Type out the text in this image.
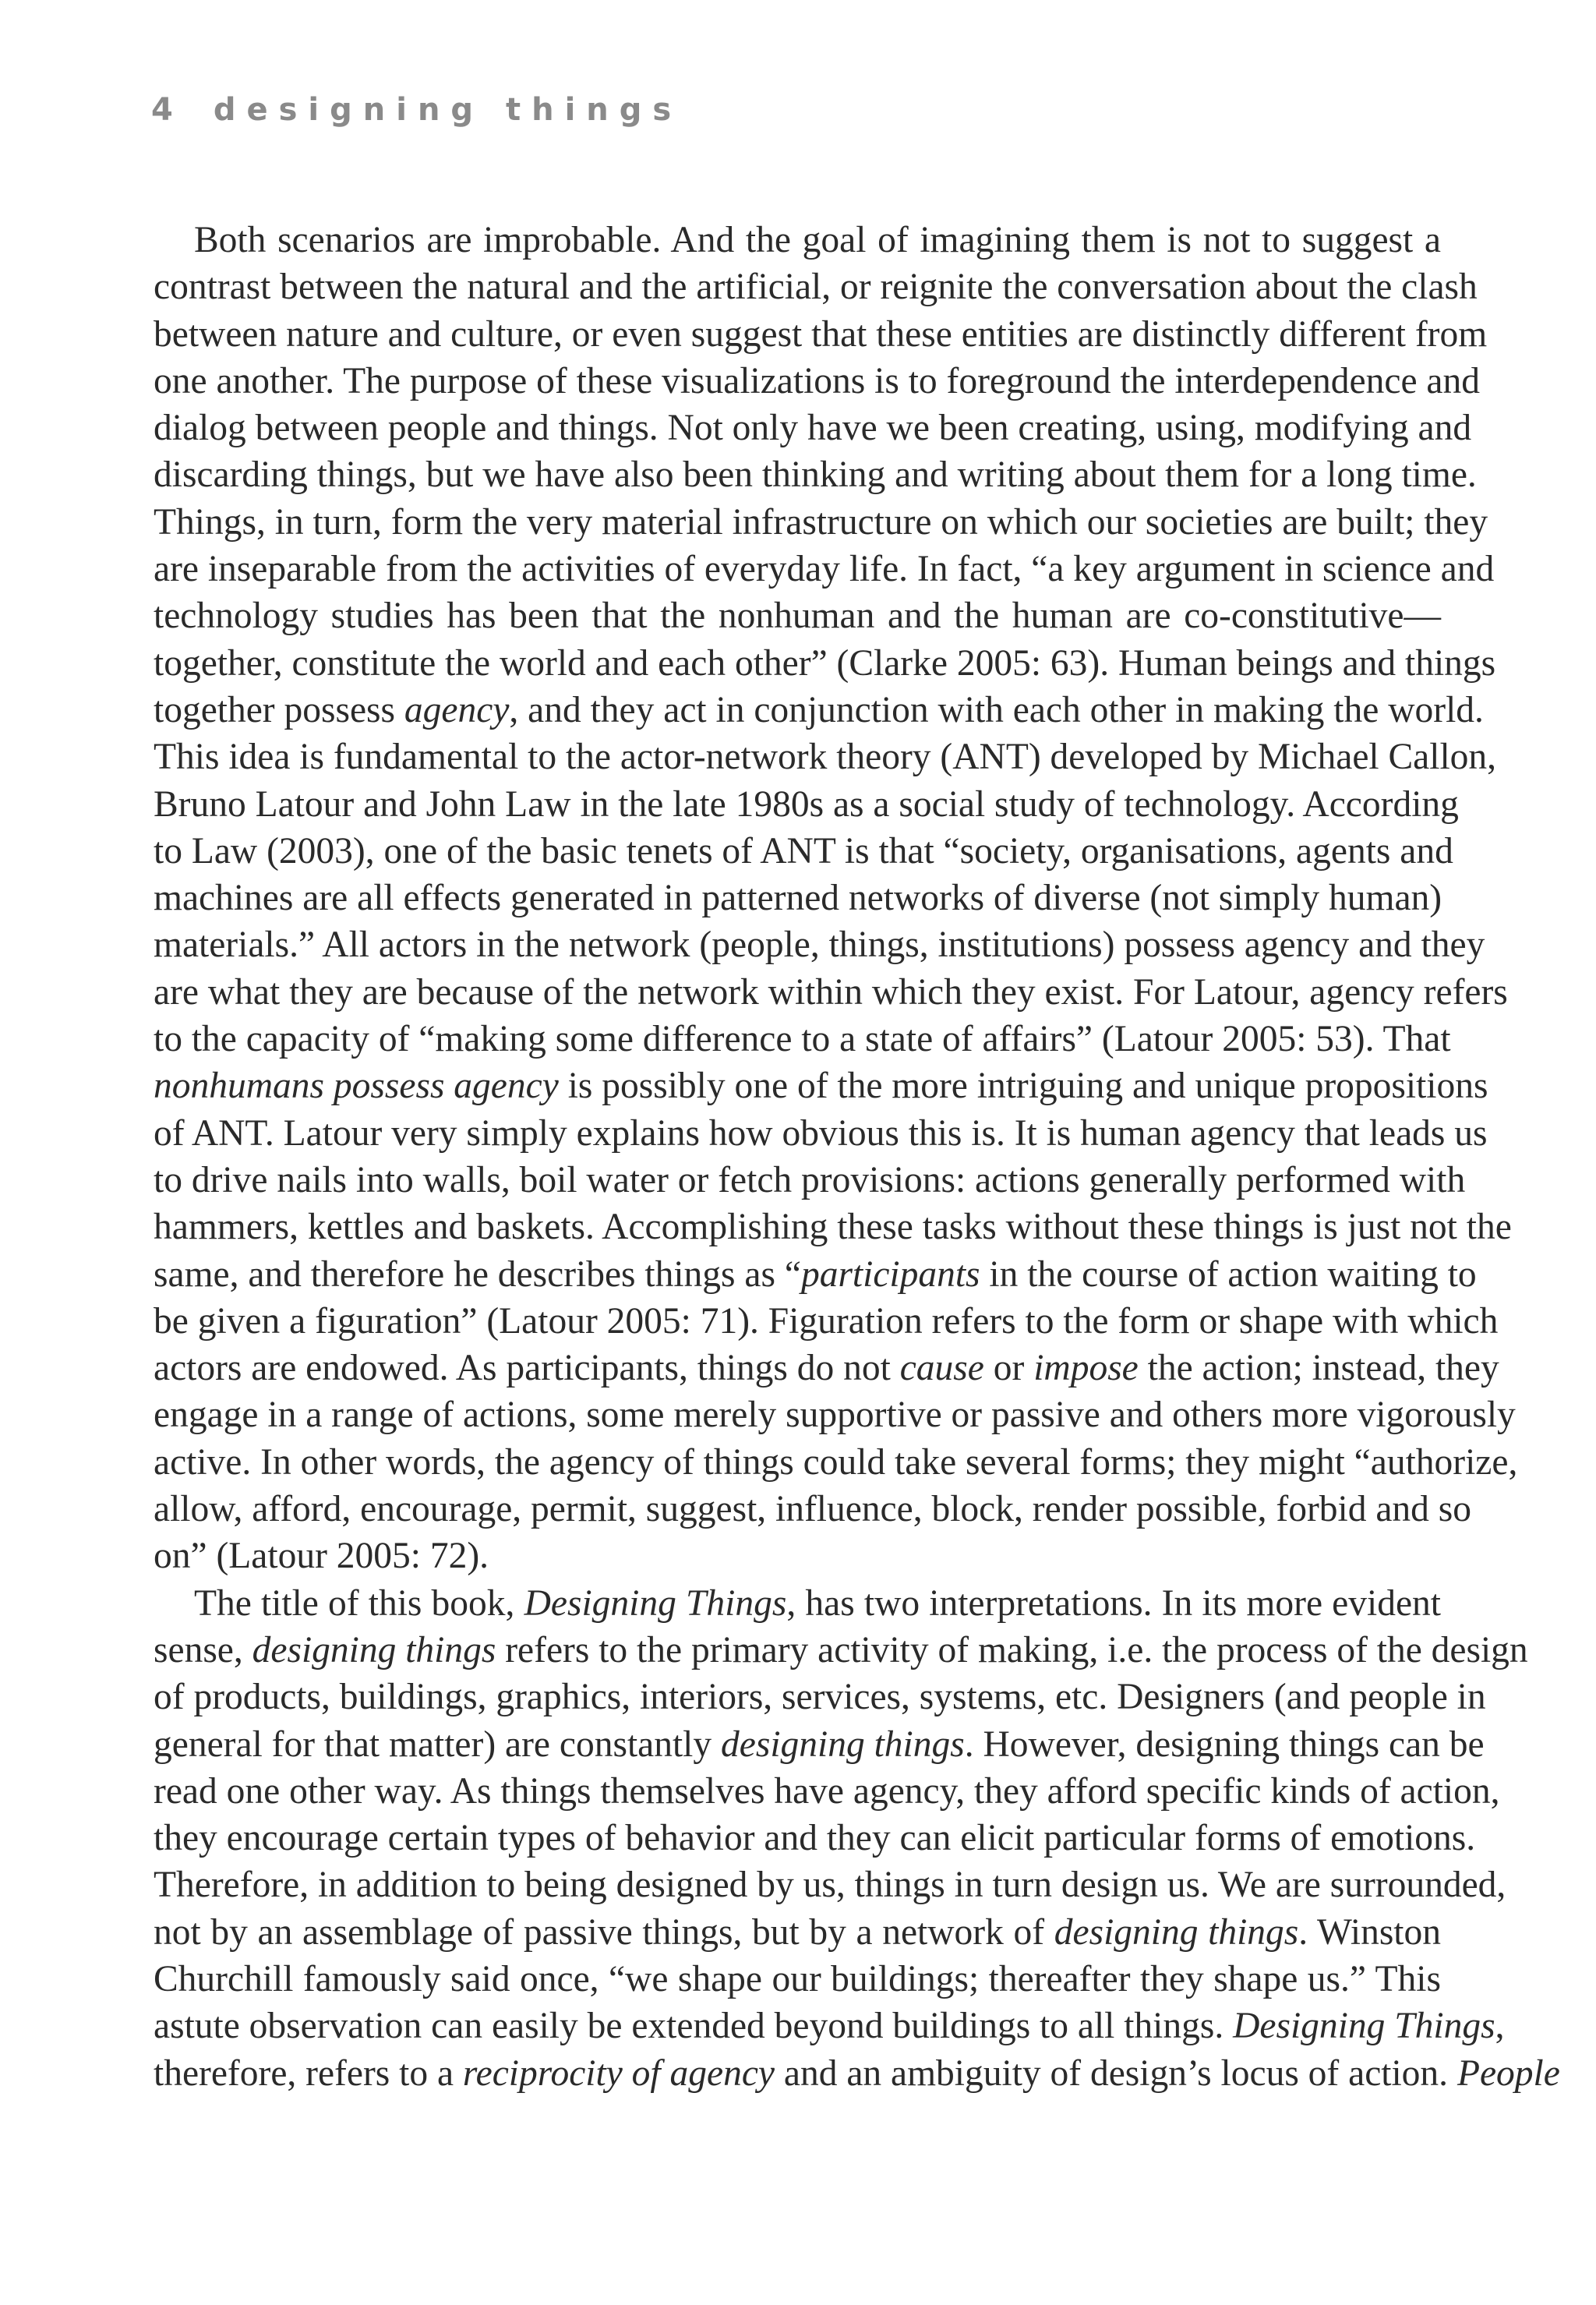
4 designing things
Both scenarios are improbable. And the goal of imagining them is not to suggest a
contrast between the natural and the artificial, or reignite the conversation about the clash
between nature and culture, or even suggest that these entities are distinctly different from
one another. The purpose of these visualizations is to foreground the interdependence and
dialog between people and things. Not only have we been creating, using, modifying and
discarding things, but we have also been thinking and writing about them for a long time.
Things, in turn, form the very material infrastructure on which our societies are built; they
are inseparable from the activities of everyday life. In fact, “a key argument in science and
technology studies has been that the nonhuman and the human are co-constitutive—
together, constitute the world and each other” (Clarke 2005: 63). Human beings and things
together possess agency, and they act in conjunction with each other in making the world.
This idea is fundamental to the actor-network theory (ANT) developed by Michael Callon,
Bruno Latour and John Law in the late 1980s as a social study of technology. According
to Law (2003), one of the basic tenets of ANT is that “society, organisations, agents and
machines are all effects generated in patterned networks of diverse (not simply human)
materials.” All actors in the network (people, things, institutions) possess agency and they
are what they are because of the network within which they exist. For Latour, agency refers
to the capacity of “making some difference to a state of affairs” (Latour 2005: 53). That
nonhumans possess agency is possibly one of the more intriguing and unique propositions
of ANT. Latour very simply explains how obvious this is. It is human agency that leads us
to drive nails into walls, boil water or fetch provisions: actions generally performed with
hammers, kettles and baskets. Accomplishing these tasks without these things is just not the
same, and therefore he describes things as “participants in the course of action waiting to
be given a figuration” (Latour 2005: 71). Figuration refers to the form or shape with which
actors are endowed. As participants, things do not cause or impose the action; instead, they
engage in a range of actions, some merely supportive or passive and others more vigorously
active. In other words, the agency of things could take several forms; they might “authorize,
allow, afford, encourage, permit, suggest, influence, block, render possible, forbid and so
on” (Latour 2005: 72).
The title of this book, Designing Things, has two interpretations. In its more evident
sense, designing things refers to the primary activity of making, i.e. the process of the design
of products, buildings, graphics, interiors, services, systems, etc. Designers (and people in
general for that matter) are constantly designing things. However, designing things can be
read one other way. As things themselves have agency, they afford specific kinds of action,
they encourage certain types of behavior and they can elicit particular forms of emotions.
Therefore, in addition to being designed by us, things in turn design us. We are surrounded,
not by an assemblage of passive things, but by a network of designing things. Winston
Churchill famously said once, “we shape our buildings; thereafter they shape us.” This
astute observation can easily be extended beyond buildings to all things. Designing Things,
therefore, refers to a reciprocity of agency and an ambiguity of design’s locus of action. People
